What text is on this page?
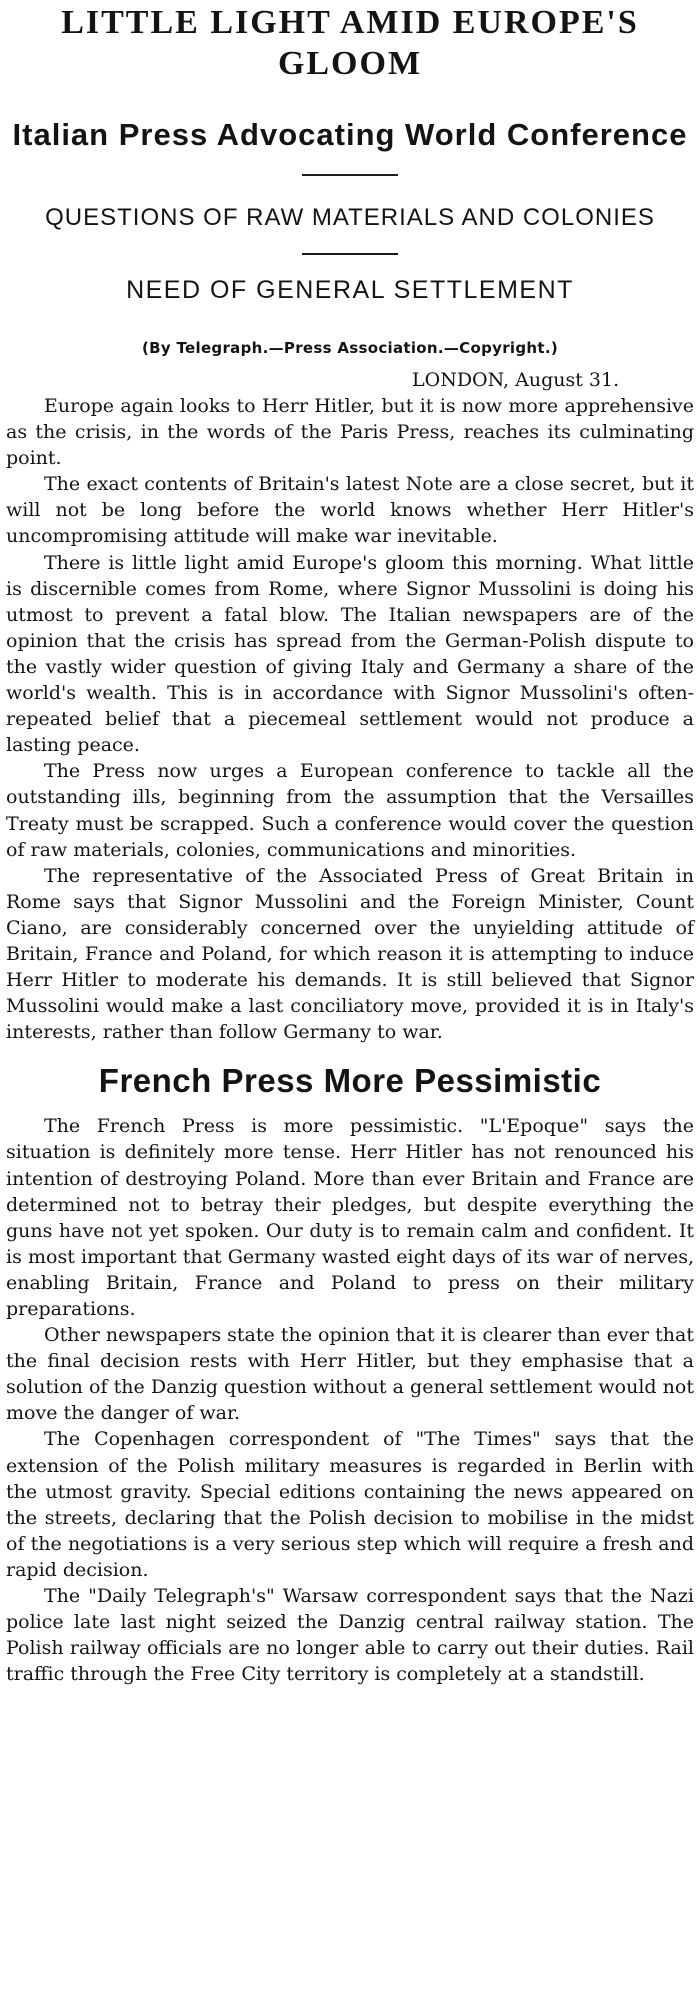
LITTLE LIGHT AMID EUROPE'S GLOOM
Italian Press Advocating World Conference
QUESTIONS OF RAW MATERIALS AND COLONIES
NEED OF GENERAL SETTLEMENT

(By Telegraph.—Press Association.—Copyright.)

LONDON, August 31.

Europe again looks to Herr Hitler, but it is now more apprehensive as the crisis, in the words of the Paris Press, reaches its culminating point.

The exact contents of Britain's latest Note are a close secret, but it will not be long before the world knows whether Herr Hitler's uncompromising attitude will make war inevitable.

There is little light amid Europe's gloom this morning. What little is discernible comes from Rome, where Signor Mussolini is doing his utmost to prevent a fatal blow. The Italian newspapers are of the opinion that the crisis has spread from the German-Polish dispute to the vastly wider question of giving Italy and Germany a share of the world's wealth. This is in accordance with Signor Mussolini's often-repeated belief that a piecemeal settlement would not produce a lasting peace.

The Press now urges a European conference to tackle all the outstanding ills, beginning from the assumption that the Versailles Treaty must be scrapped. Such a conference would cover the question of raw materials, colonies, communications and minorities.

The representative of the Associated Press of Great Britain in Rome says that Signor Mussolini and the Foreign Minister, Count Ciano, are considerably concerned over the unyielding attitude of Britain, France and Poland, for which reason it is attempting to induce Herr Hitler to moderate his demands. It is still believed that Signor Mussolini would make a last conciliatory move, provided it is in Italy's interests, rather than follow Germany to war.

French Press More Pessimistic

The French Press is more pessimistic. "L'Epoque" says the situation is definitely more tense. Herr Hitler has not renounced his intention of destroying Poland. More than ever Britain and France are determined not to betray their pledges, but despite everything the guns have not yet spoken. Our duty is to remain calm and confident. It is most important that Germany wasted eight days of its war of nerves, enabling Britain, France and Poland to press on their military preparations.

Other newspapers state the opinion that it is clearer than ever that the final decision rests with Herr Hitler, but they emphasise that a solution of the Danzig question without a general settlement would not move the danger of war.

The Copenhagen correspondent of "The Times" says that the extension of the Polish military measures is regarded in Berlin with the utmost gravity. Special editions containing the news appeared on the streets, declaring that the Polish decision to mobilise in the midst of the negotiations is a very serious step which will require a fresh and rapid decision.

The "Daily Telegraph's" Warsaw correspondent says that the Nazi police late last night seized the Danzig central railway station. The Polish railway officials are no longer able to carry out their duties. Rail traffic through the Free City territory is completely at a standstill.
